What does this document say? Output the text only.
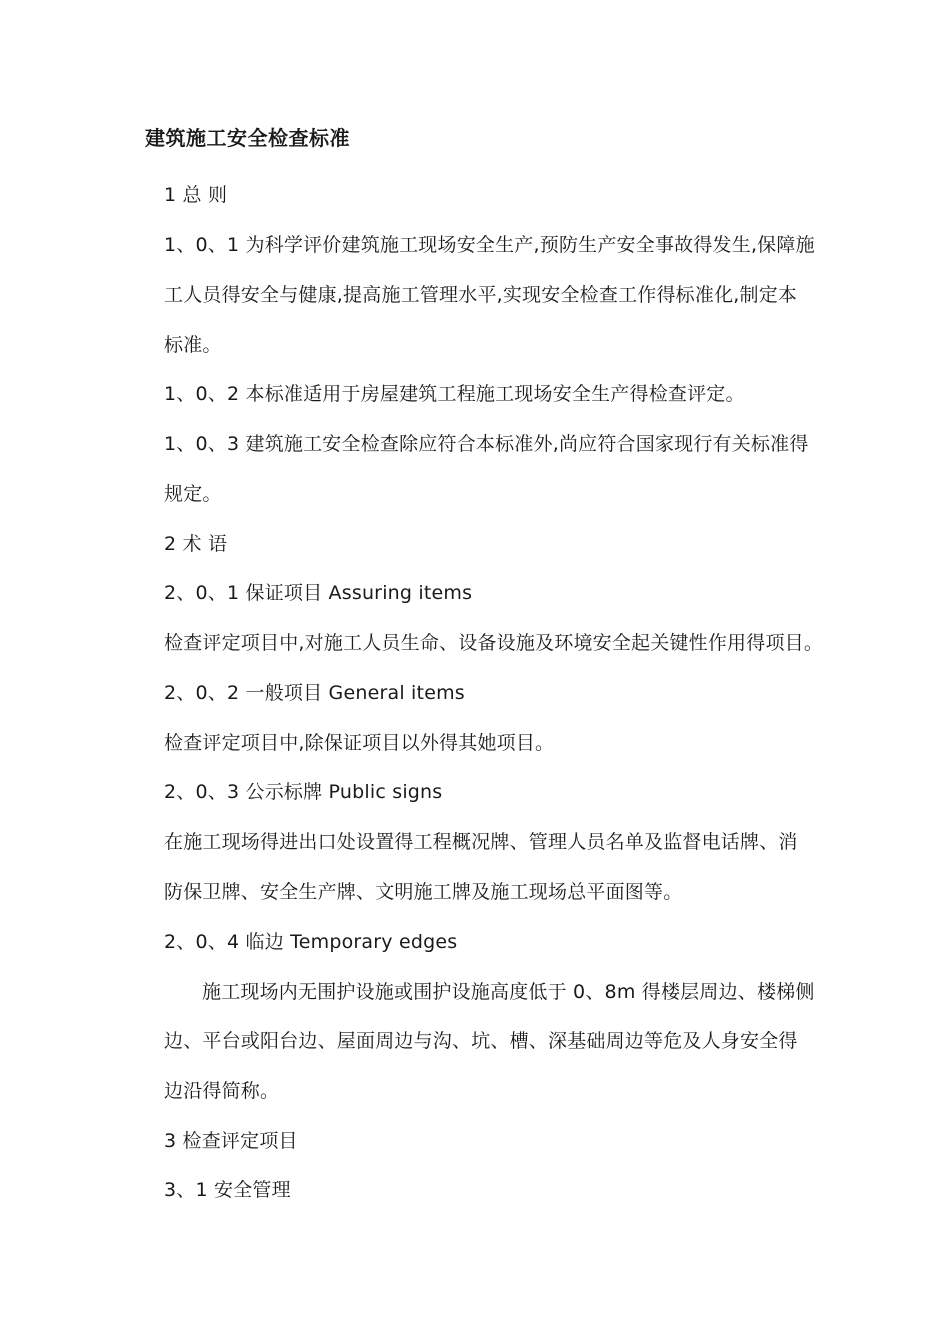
建筑施工安全检查标准
1 总 则
1、0、1 为科学评价建筑施工现场安全生产,预防生产安全事故得发生,保障施
工人员得安全与健康,提高施工管理水平,实现安全检查工作得标准化,制定本
标准。
1、0、2 本标准适用于房屋建筑工程施工现场安全生产得检查评定。
1、0、3 建筑施工安全检查除应符合本标准外,尚应符合国家现行有关标准得
规定。
2 术 语
2、0、1 保证项目 Assuring items
检查评定项目中,对施工人员生命、设备设施及环境安全起关键性作用得项目。
2、0、2 一般项目 General items
检查评定项目中,除保证项目以外得其她项目。
2、0、3 公示标牌 Public signs
在施工现场得进出口处设置得工程概况牌、管理人员名单及监督电话牌、消
防保卫牌、安全生产牌、文明施工牌及施工现场总平面图等。
2、0、4 临边 Temporary edges
施工现场内无围护设施或围护设施高度低于 0、8m 得楼层周边、楼梯侧
边、平台或阳台边、屋面周边与沟、坑、槽、深基础周边等危及人身安全得
边沿得简称。
3 检查评定项目
3、1 安全管理
